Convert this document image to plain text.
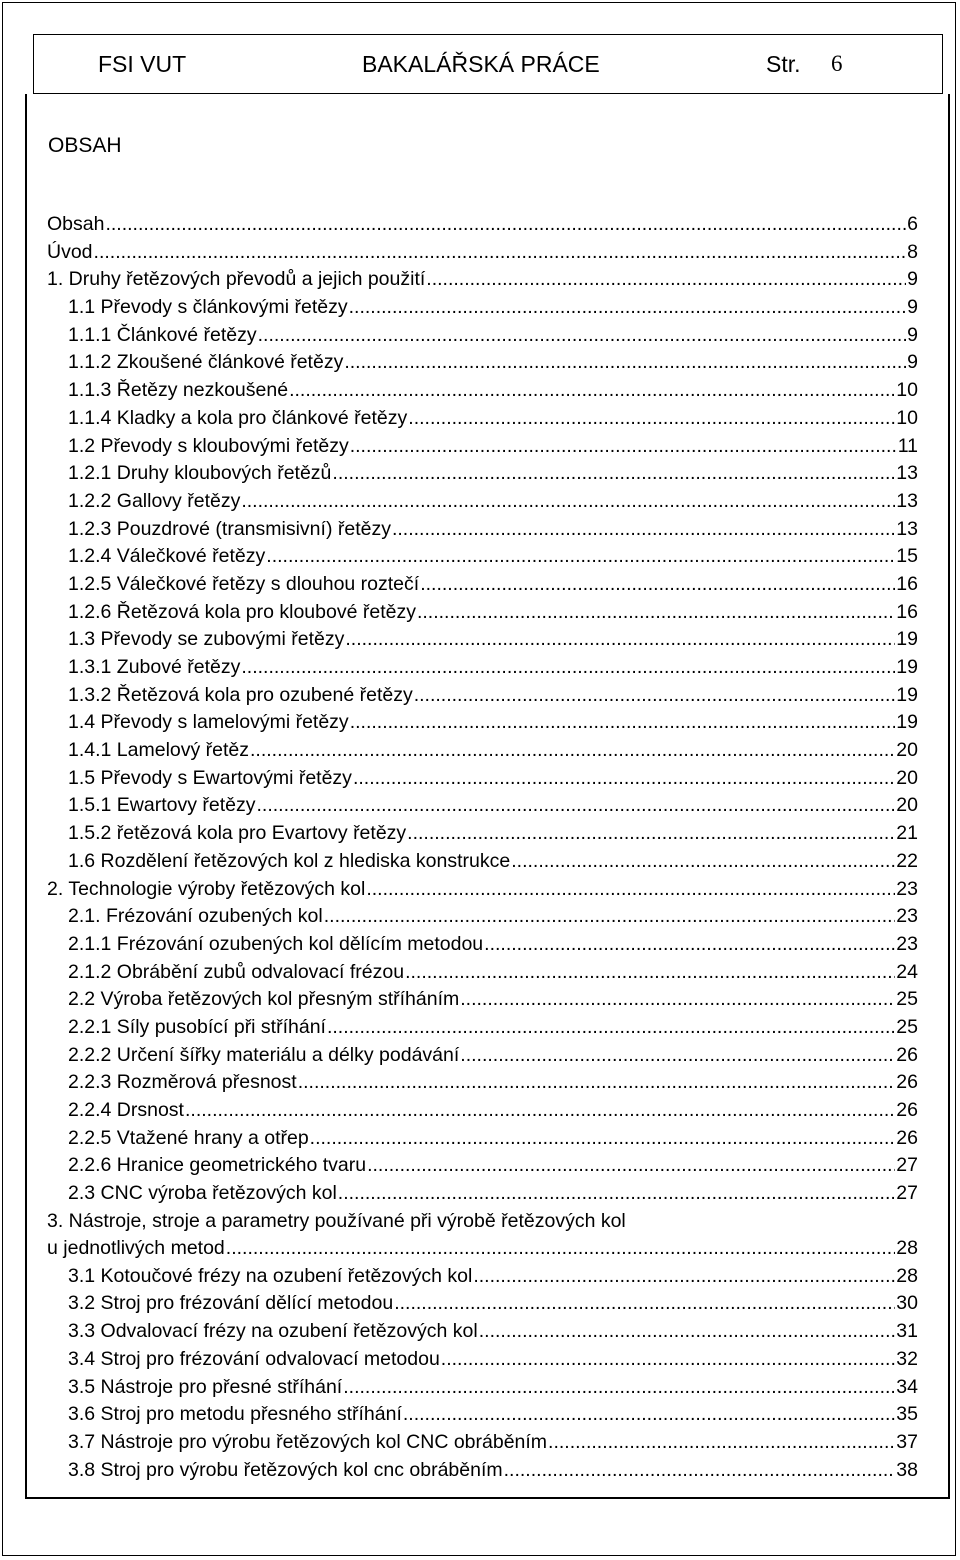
FSI VUT	BAKALÁŘSKÁ PRÁCE	Str. 6
OBSAH
Obsah .....	6
Úvod .....	8
1. Druhy řetězových převodů a jejich použití .....	9
1.1 Převody s článkovými řetězy .....	9
1.1.1 Článkové řetězy .....	9
1.1.2 Zkoušené článkové řetězy .....	9
1.1.3 Řetězy nezkoušené .....	10
1.1.4 Kladky a kola pro článkové řetězy .....	10
1.2 Převody s kloubovými řetězy .....	11
1.2.1 Druhy kloubových řetězů .....	13
1.2.2 Gallovy řetězy .....	13
1.2.3 Pouzdrové (transmisivní) řetězy .....	13
1.2.4 Válečkové řetězy .....	15
1.2.5 Válečkové řetězy s dlouhou roztečí .....	16
1.2.6 Řetězová kola pro kloubové řetězy .....	16
1.3 Převody se zubovými řetězy .....	19
1.3.1 Zubové řetězy .....	19
1.3.2 Řetězová kola pro ozubené řetězy .....	19
1.4 Převody s lamelovými řetězy .....	19
1.4.1 Lamelový řetěz .....	20
1.5 Převody s Ewartovými řetězy .....	20
1.5.1 Ewartovy řetězy .....	20
1.5.2 řetězová kola pro Evartovy řetězy .....	21
1.6 Rozdělení řetězových kol z hlediska konstrukce .....	22
2. Technologie výroby řetězových kol .....	23
2.1. Frézování ozubených kol .....	23
2.1.1 Frézování ozubených kol dělícím metodou .....	23
2.1.2 Obrábění zubů odvalovací frézou .....	24
2.2 Výroba řetězových kol přesným stříháním .....	25
2.2.1 Síly pusobící při stříhání .....	25
2.2.2 Určení šířky materiálu a délky podávání .....	26
2.2.3 Rozměrová přesnost .....	26
2.2.4 Drsnost .....	26
2.2.5 Vtažené hrany a otřep .....	26
2.2.6 Hranice geometrického tvaru .....	27
2.3 CNC výroba řetězových kol .....	27
3. Nástroje, stroje a parametry používané při výrobě řetězových kol
u jednotlivých metod .....	28
3.1 Kotoučové frézy na ozubení řetězových kol .....	28
3.2 Stroj pro frézování dělící metodou .....	30
3.3 Odvalovací frézy na ozubení řetězových kol .....	31
3.4 Stroj pro frézování odvalovací metodou .....	32
3.5 Nástroje pro přesné stříhání .....	34
3.6 Stroj pro metodu přesného stříhání .....	35
3.7 Nástroje pro výrobu řetězových kol CNC obráběním .....	37
3.8 Stroj pro výrobu řetězových kol cnc obráběním .....	38
